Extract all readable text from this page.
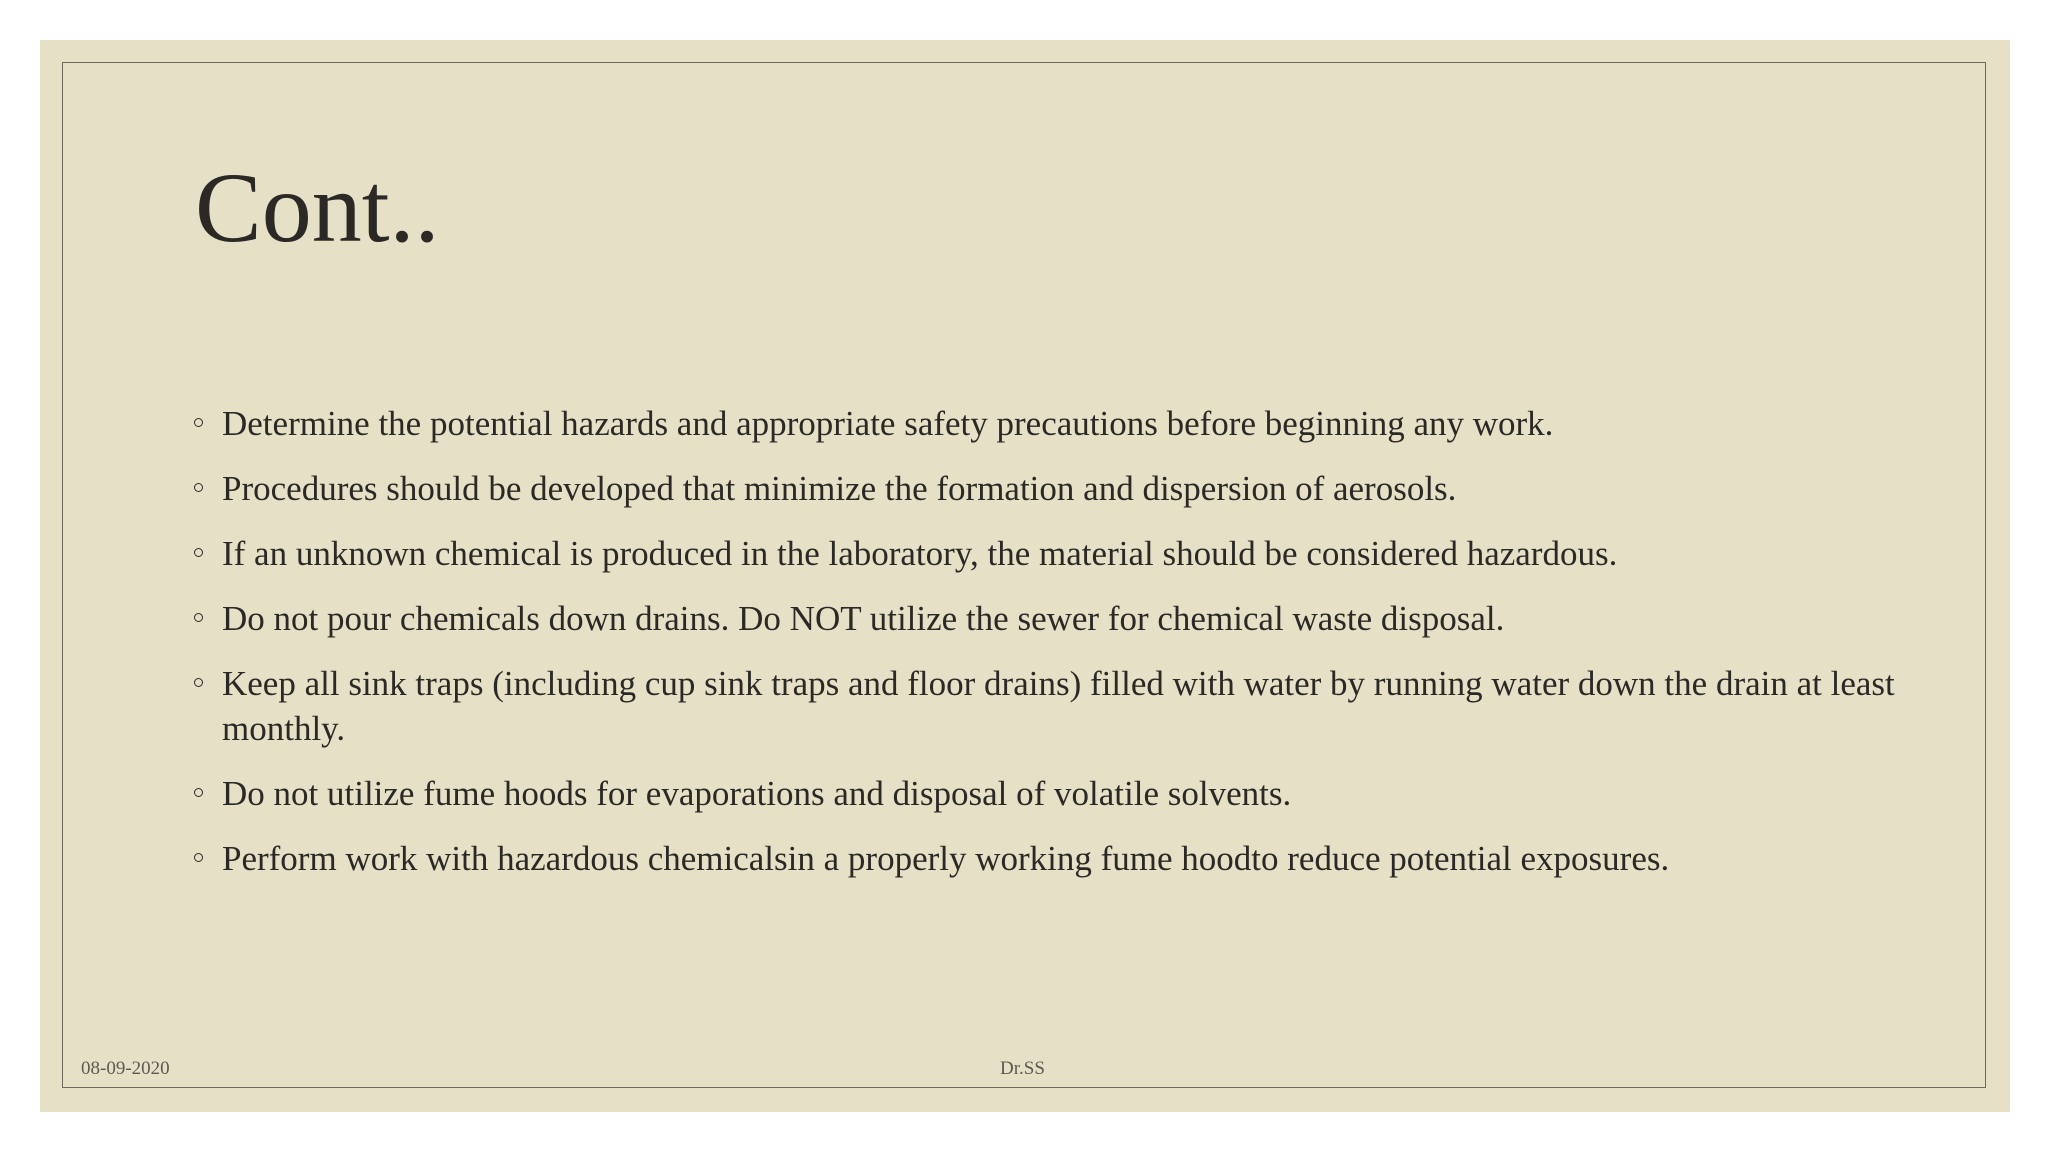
Cont..
Determine the potential hazards and appropriate safety precautions before beginning any work.
Procedures should be developed that minimize the formation and dispersion of aerosols.
If an unknown chemical is produced in the laboratory, the material should be considered hazardous.
Do not pour chemicals down drains. Do NOT utilize the sewer for chemical waste disposal.
Keep all sink traps (including cup sink traps and floor drains) filled with water by running water down the drain at least monthly.
Do not utilize fume hoods for evaporations and disposal of volatile solvents.
Perform work with hazardous chemicalsin a properly working fume hoodto reduce potential exposures.
08-09-2020	Dr.SS
